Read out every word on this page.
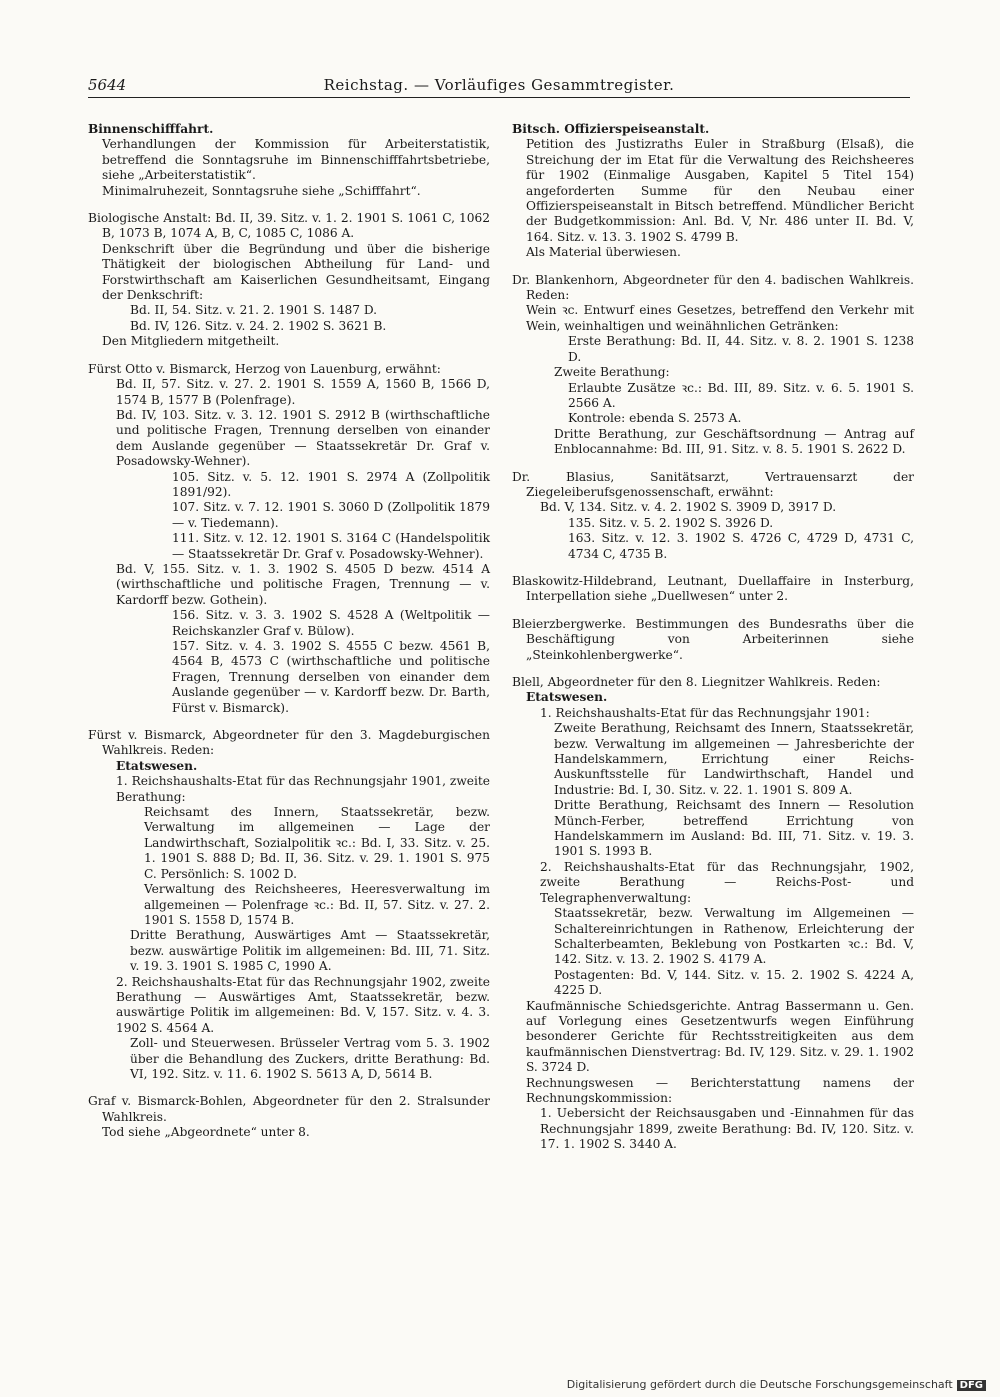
5644	Reichstag. — Vorläufiges Gesammtregister.

Binnenschifffahrt.

Verhandlungen der Kommission für Arbeiterstatistik, betreffend die Sonntagsruhe im Binnenschifffahrtsbetriebe, siehe „Arbeiterstatistik“.

Minimalruhezeit, Sonntagsruhe siehe „Schifffahrt“.

Biologische Anstalt: Bd. II, 39. Sitz. v. 1. 2. 1901 S. 1061 C, 1062 B, 1073 B, 1074 A, B, C, 1085 C, 1086 A.

Denkschrift über die Begründung und über die bisherige Thätigkeit der biologischen Abtheilung für Land- und Forstwirthschaft am Kaiserlichen Gesundheitsamt, Eingang der Denkschrift:

Bd. II, 54. Sitz. v. 21. 2. 1901 S. 1487 D.

Bd. IV, 126. Sitz. v. 24. 2. 1902 S. 3621 B.

Den Mitgliedern mitgetheilt.

Fürst Otto v. Bismarck, Herzog von Lauenburg, erwähnt:

Bd. II, 57. Sitz. v. 27. 2. 1901 S. 1559 A, 1560 B, 1566 D, 1574 B, 1577 B (Polenfrage).

Bd. IV, 103. Sitz. v. 3. 12. 1901 S. 2912 B (wirthschaftliche und politische Fragen, Trennung derselben von einander dem Auslande gegenüber — Staatssekretär Dr. Graf v. Posadowsky-Wehner).

105. Sitz. v. 5. 12. 1901 S. 2974 A (Zollpolitik 1891/92).

107. Sitz. v. 7. 12. 1901 S. 3060 D (Zollpolitik 1879 — v. Tiedemann).

111. Sitz. v. 12. 12. 1901 S. 3164 C (Handelspolitik — Staatssekretär Dr. Graf v. Posadowsky-Wehner).

Bd. V, 155. Sitz. v. 1. 3. 1902 S. 4505 D bezw. 4514 A (wirthschaftliche und politische Fragen, Trennung — v. Kardorff bezw. Gothein).

156. Sitz. v. 3. 3. 1902 S. 4528 A (Weltpolitik — Reichskanzler Graf v. Bülow).

157. Sitz. v. 4. 3. 1902 S. 4555 C bezw. 4561 B, 4564 B, 4573 C (wirthschaftliche und politische Fragen, Trennung derselben von einander dem Auslande gegenüber — v. Kardorff bezw. Dr. Barth, Fürst v. Bismarck).

Fürst v. Bismarck, Abgeordneter für den 3. Magdeburgischen Wahlkreis. Reden:

Etatswesen.

1. Reichshaushalts-Etat für das Rechnungsjahr 1901, zweite Berathung:

Reichsamt des Innern, Staatssekretär, bezw. Verwaltung im allgemeinen — Lage der Landwirthschaft, Sozialpolitik ꝛc.: Bd. I, 33. Sitz. v. 25. 1. 1901 S. 888 D; Bd. II, 36. Sitz. v. 29. 1. 1901 S. 975 C. Persönlich: S. 1002 D.

Verwaltung des Reichsheeres, Heeresverwaltung im allgemeinen — Polenfrage ꝛc.: Bd. II, 57. Sitz. v. 27. 2. 1901 S. 1558 D, 1574 B.

Dritte Berathung, Auswärtiges Amt — Staatssekretär, bezw. auswärtige Politik im allgemeinen: Bd. III, 71. Sitz. v. 19. 3. 1901 S. 1985 C, 1990 A.

2. Reichshaushalts-Etat für das Rechnungsjahr 1902, zweite Berathung — Auswärtiges Amt, Staatssekretär, bezw. auswärtige Politik im allgemeinen: Bd. V, 157. Sitz. v. 4. 3. 1902 S. 4564 A.

Zoll- und Steuerwesen. Brüsseler Vertrag vom 5. 3. 1902 über die Behandlung des Zuckers, dritte Berathung: Bd. VI, 192. Sitz. v. 11. 6. 1902 S. 5613 A, D, 5614 B.

Graf v. Bismarck-Bohlen, Abgeordneter für den 2. Stralsunder Wahlkreis.

Tod siehe „Abgeordnete“ unter 8.

Bitsch. Offizierspeiseanstalt.

Petition des Justizraths Euler in Straßburg (Elsaß), die Streichung der im Etat für die Verwaltung des Reichsheeres für 1902 (Einmalige Ausgaben, Kapitel 5 Titel 154) angeforderten Summe für den Neubau einer Offizierspeiseanstalt in Bitsch betreffend. Mündlicher Bericht der Budgetkommission: Anl. Bd. V, Nr. 486 unter II. Bd. V, 164. Sitz. v. 13. 3. 1902 S. 4799 B.

Als Material überwiesen.

Dr. Blankenhorn, Abgeordneter für den 4. badischen Wahlkreis. Reden:

Wein ꝛc. Entwurf eines Gesetzes, betreffend den Verkehr mit Wein, weinhaltigen und weinähnlichen Getränken:

Erste Berathung: Bd. II, 44. Sitz. v. 8. 2. 1901 S. 1238 D.

Zweite Berathung:

Erlaubte Zusätze ꝛc.: Bd. III, 89. Sitz. v. 6. 5. 1901 S. 2566 A.

Kontrole: ebenda S. 2573 A.

Dritte Berathung, zur Geschäftsordnung — Antrag auf Enblocannahme: Bd. III, 91. Sitz. v. 8. 5. 1901 S. 2622 D.

Dr. Blasius, Sanitätsarzt, Vertrauensarzt der Ziegeleiberufsgenossenschaft, erwähnt:

Bd. V, 134. Sitz. v. 4. 2. 1902 S. 3909 D, 3917 D.

135. Sitz. v. 5. 2. 1902 S. 3926 D.

163. Sitz. v. 12. 3. 1902 S. 4726 C, 4729 D, 4731 C, 4734 C, 4735 B.

Blaskowitz-Hildebrand, Leutnant, Duellaffaire in Insterburg, Interpellation siehe „Duellwesen“ unter 2.

Bleierzbergwerke. Bestimmungen des Bundesraths über die Beschäftigung von Arbeiterinnen siehe „Steinkohlenbergwerke“.

Blell, Abgeordneter für den 8. Liegnitzer Wahlkreis. Reden:

Etatswesen.

1. Reichshaushalts-Etat für das Rechnungsjahr 1901:

Zweite Berathung, Reichsamt des Innern, Staatssekretär, bezw. Verwaltung im allgemeinen — Jahresberichte der Handelskammern, Errichtung einer Reichs-Auskunftsstelle für Landwirthschaft, Handel und Industrie: Bd. I, 30. Sitz. v. 22. 1. 1901 S. 809 A.

Dritte Berathung, Reichsamt des Innern — Resolution Münch-Ferber, betreffend Errichtung von Handelskammern im Ausland: Bd. III, 71. Sitz. v. 19. 3. 1901 S. 1993 B.

2. Reichshaushalts-Etat für das Rechnungsjahr, 1902, zweite Berathung — Reichs-Post- und Telegraphenverwaltung:

Staatssekretär, bezw. Verwaltung im Allgemeinen — Schaltereinrichtungen in Rathenow, Erleichterung der Schalterbeamten, Beklebung von Postkarten ꝛc.: Bd. V, 142. Sitz. v. 13. 2. 1902 S. 4179 A.

Postagenten: Bd. V, 144. Sitz. v. 15. 2. 1902 S. 4224 A, 4225 D.

Kaufmännische Schiedsgerichte. Antrag Bassermann u. Gen. auf Vorlegung eines Gesetzentwurfs wegen Einführung besonderer Gerichte für Rechtsstreitigkeiten aus dem kaufmännischen Dienstvertrag: Bd. IV, 129. Sitz. v. 29. 1. 1902 S. 3724 D.

Rechnungswesen — Berichterstattung namens der Rechnungskommission:

1. Uebersicht der Reichsausgaben und -Einnahmen für das Rechnungsjahr 1899, zweite Berathung: Bd. IV, 120. Sitz. v. 17. 1. 1902 S. 3440 A.

Digitalisierung gefördert durch die Deutsche Forschungsgemeinschaft DFG
